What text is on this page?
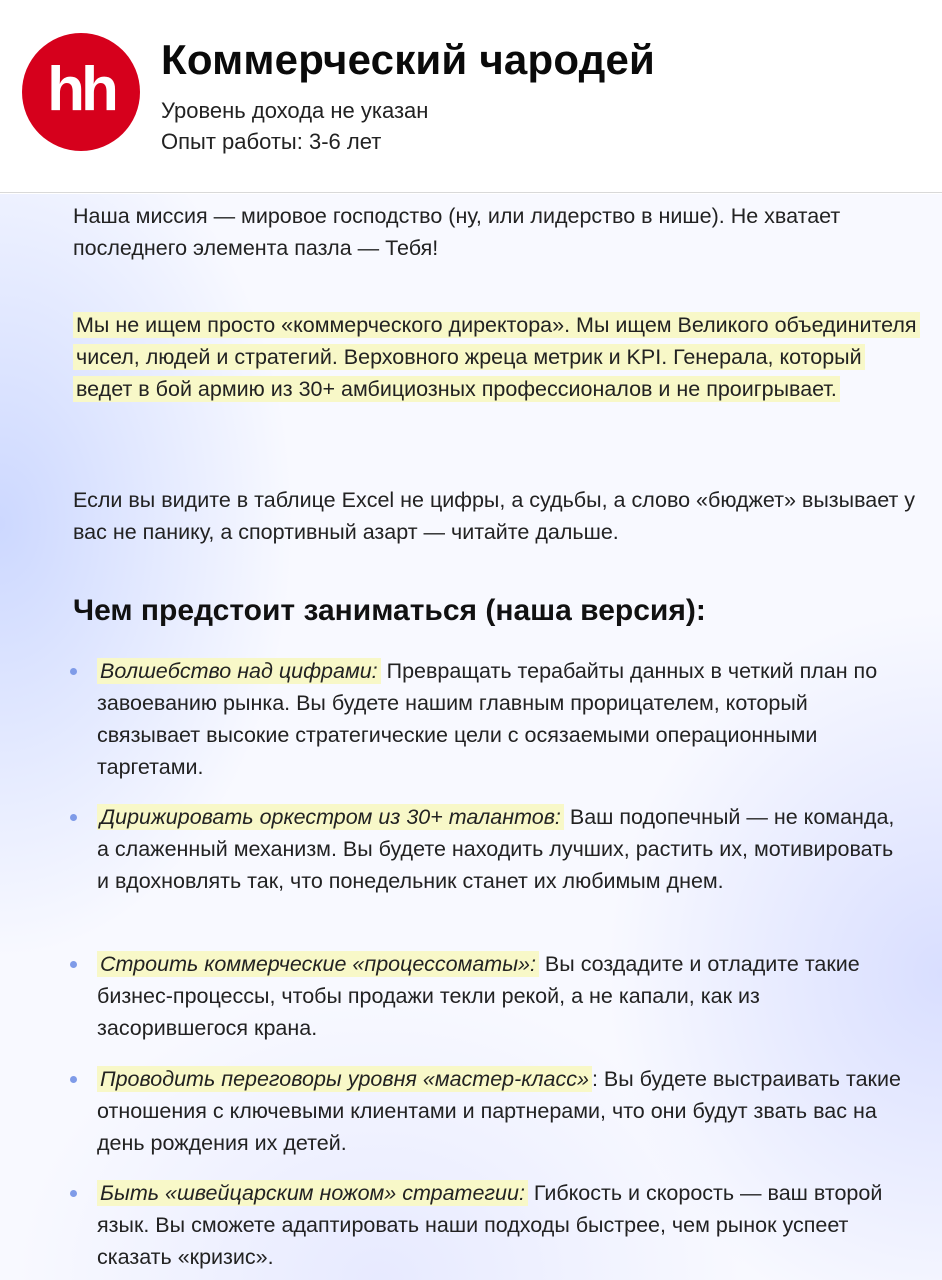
hh Коммерческий чародей
Уровень дохода не указан
Опыт работы: 3-6 лет

Наша миссия — мировое господство (ну, или лидерство в нише). Не хватает последнего элемента пазла — Тебя!

Мы не ищем просто «коммерческого директора». Мы ищем Великого объединителя чисел, людей и стратегий. Верховного жреца метрик и KPI. Генерала, который ведет в бой армию из 30+ амбициозных профессионалов и не проигрывает.

Если вы видите в таблице Excel не цифры, а судьбы, а слово «бюджет» вызывает у вас не панику, а спортивный азарт — читайте дальше.

Чем предстоит заниматься (наша версия):
Волшебство над цифрами: Превращать терабайты данных в четкий план по завоеванию рынка. Вы будете нашим главным прорицателем, который связывает высокие стратегические цели с осязаемыми операционными таргетами.
Дирижировать оркестром из 30+ талантов: Ваш подопечный — не команда, а слаженный механизм. Вы будете находить лучших, растить их, мотивировать и вдохновлять так, что понедельник станет их любимым днем.
Строить коммерческие «процессоматы»: Вы создадите и отладите такие бизнес-процессы, чтобы продажи текли рекой, а не капали, как из засорившегося крана.
Проводить переговоры уровня «мастер-класс» : Вы будете выстраивать такие отношения с ключевыми клиентами и партнерами, что они будут звать вас на день рождения их детей.
Быть «швейцарским ножом» стратегии: Гибкость и скорость — ваш второй язык. Вы сможете адаптировать наши подходы быстрее, чем рынок успеет сказать «кризис».
